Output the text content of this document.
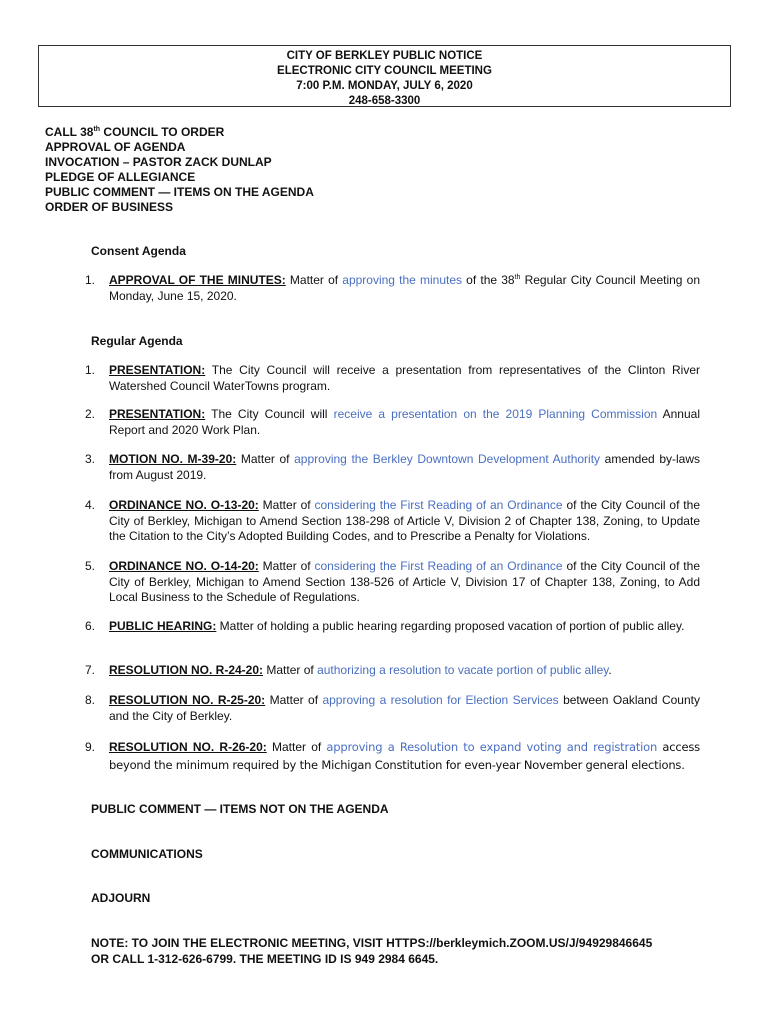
CITY OF BERKLEY PUBLIC NOTICE
ELECTRONIC CITY COUNCIL MEETING
7:00 P.M. MONDAY, JULY 6, 2020
248-658-3300
CALL 38th COUNCIL TO ORDER
APPROVAL OF AGENDA
INVOCATION – PASTOR ZACK DUNLAP
PLEDGE OF ALLEGIANCE
PUBLIC COMMENT — ITEMS ON THE AGENDA
ORDER OF BUSINESS
Consent Agenda
1.	APPROVAL OF THE MINUTES: Matter of approving the minutes of the 38th Regular City Council Meeting on Monday, June 15, 2020.
Regular Agenda
1.	PRESENTATION: The City Council will receive a presentation from representatives of the Clinton River Watershed Council WaterTowns program.
2.	PRESENTATION: The City Council will receive a presentation on the 2019 Planning Commission Annual Report and 2020 Work Plan.
3.	MOTION NO. M-39-20: Matter of approving the Berkley Downtown Development Authority amended by-laws from August 2019.
4.	ORDINANCE NO. O-13-20: Matter of considering the First Reading of an Ordinance of the City Council of the City of Berkley, Michigan to Amend Section 138-298 of Article V, Division 2 of Chapter 138, Zoning, to Update the Citation to the City’s Adopted Building Codes, and to Prescribe a Penalty for Violations.
5.	ORDINANCE NO. O-14-20: Matter of considering the First Reading of an Ordinance of the City Council of the City of Berkley, Michigan to Amend Section 138-526 of Article V, Division 17 of Chapter 138, Zoning, to Add Local Business to the Schedule of Regulations.
6.	PUBLIC HEARING: Matter of holding a public hearing regarding proposed vacation of portion of public alley.
7.	RESOLUTION NO. R-24-20: Matter of authorizing a resolution to vacate portion of public alley.
8.	RESOLUTION NO. R-25-20: Matter of approving a resolution for Election Services between Oakland County and the City of Berkley.
9.	RESOLUTION NO. R-26-20: Matter of approving a Resolution to expand voting and registration access beyond the minimum required by the Michigan Constitution for even-year November general elections.
PUBLIC COMMENT — ITEMS NOT ON THE AGENDA
COMMUNICATIONS
ADJOURN
NOTE: TO JOIN THE ELECTRONIC MEETING, VISIT HTTPS://berkleymich.ZOOM.US/J/94929846645
OR CALL 1-312-626-6799. THE MEETING ID IS 949 2984 6645.
